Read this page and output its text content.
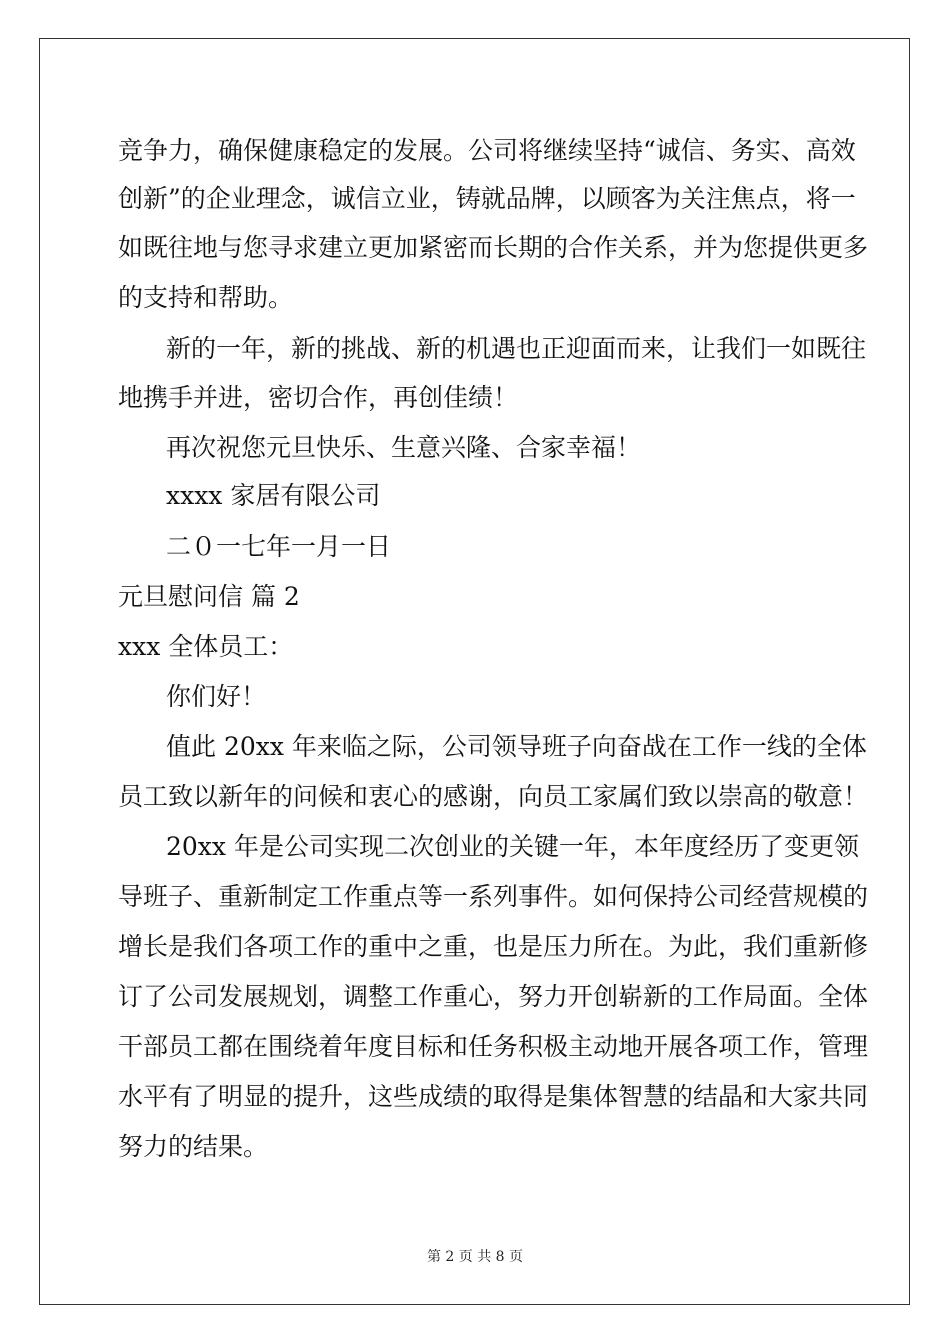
竞争力，确保健康稳定的发展。公司将继续坚持“诚信、务实、高效
创新”的企业理念，诚信立业，铸就品牌，以顾客为关注焦点，将一
如既往地与您寻求建立更加紧密而长期的合作关系，并为您提供更多
的支持和帮助。
新的一年，新的挑战、新的机遇也正迎面而来，让我们一如既往
地携手并进，密切合作，再创佳绩！
再次祝您元旦快乐、生意兴隆、合家幸福！
xxxx 家居有限公司
二０一七年一月一日
元旦慰问信 篇 2
xxx 全体员工：
你们好！
值此 20xx 年来临之际，公司领导班子向奋战在工作一线的全体
员工致以新年的问候和衷心的感谢，向员工家属们致以崇高的敬意！
20xx 年是公司实现二次创业的关键一年，本年度经历了变更领
导班子、重新制定工作重点等一系列事件。如何保持公司经营规模的
增长是我们各项工作的重中之重，也是压力所在。为此，我们重新修
订了公司发展规划，调整工作重心，努力开创崭新的工作局面。全体
干部员工都在围绕着年度目标和任务积极主动地开展各项工作，管理
水平有了明显的提升，这些成绩的取得是集体智慧的结晶和大家共同
努力的结果。
第 2 页 共 8 页
